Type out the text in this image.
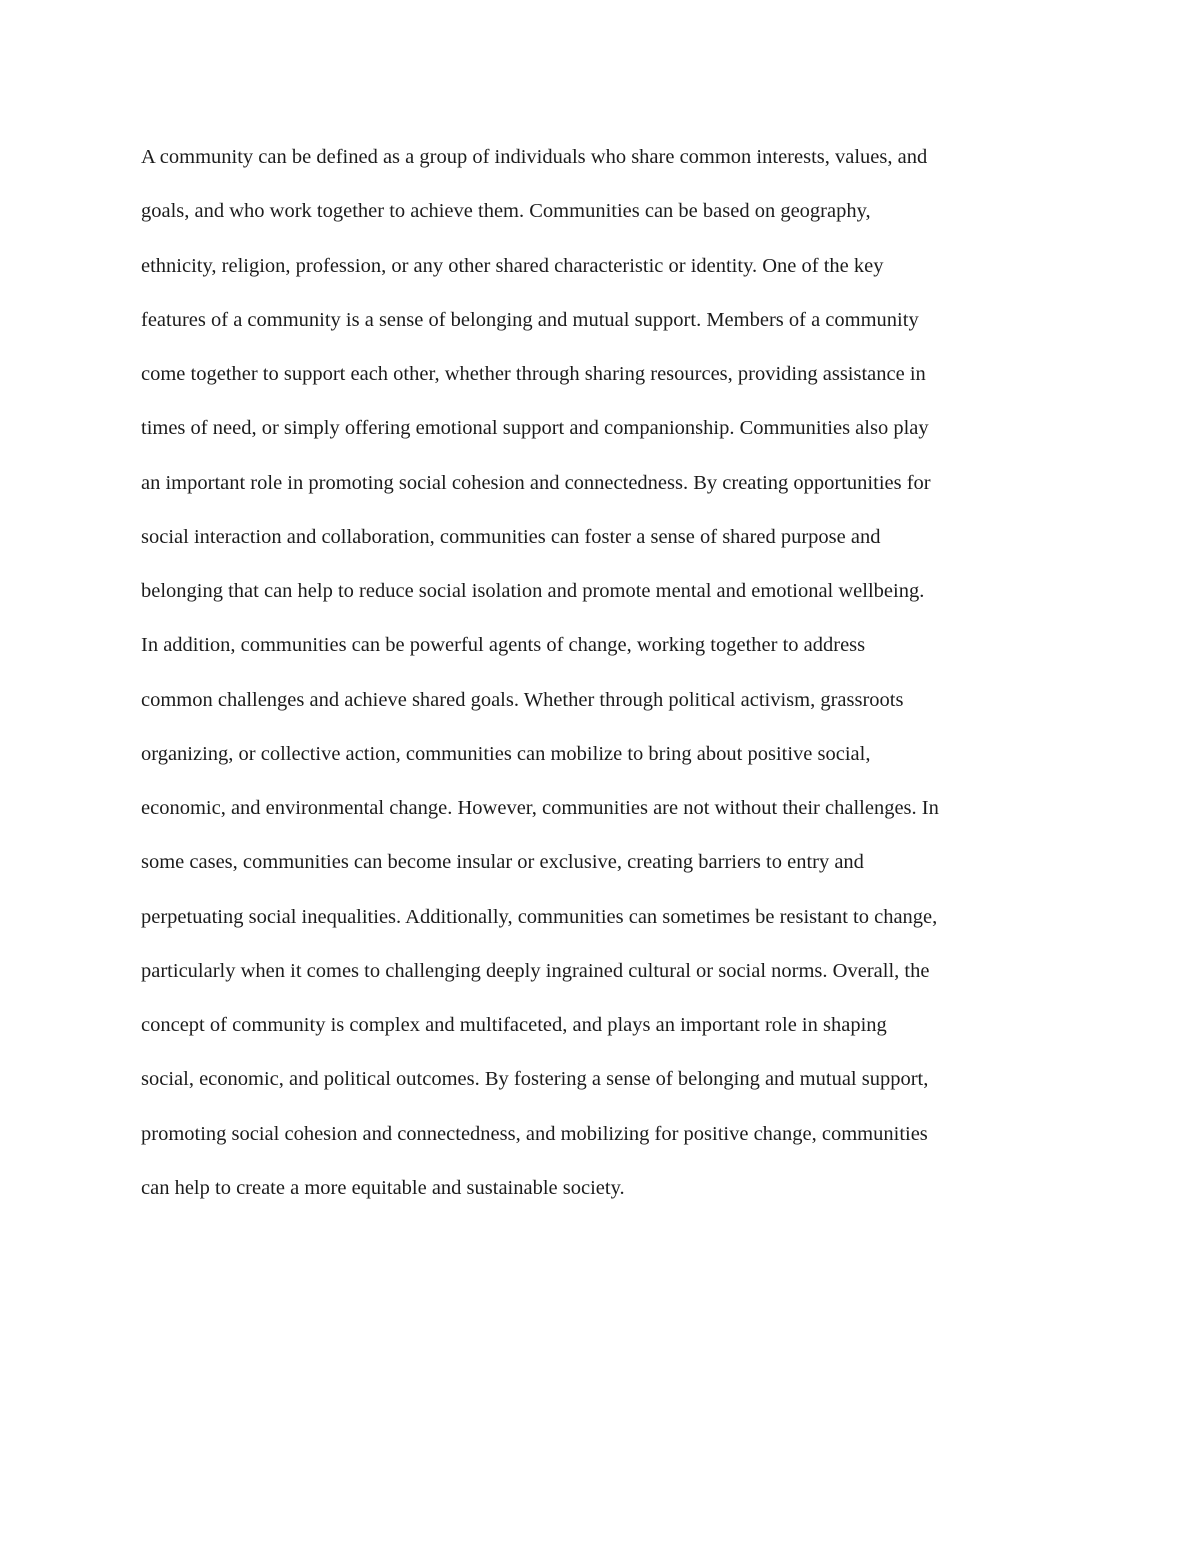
A community can be defined as a group of individuals who share common interests, values, and
goals, and who work together to achieve them. Communities can be based on geography,
ethnicity, religion, profession, or any other shared characteristic or identity. One of the key
features of a community is a sense of belonging and mutual support. Members of a community
come together to support each other, whether through sharing resources, providing assistance in
times of need, or simply offering emotional support and companionship. Communities also play
an important role in promoting social cohesion and connectedness. By creating opportunities for
social interaction and collaboration, communities can foster a sense of shared purpose and
belonging that can help to reduce social isolation and promote mental and emotional wellbeing.
In addition, communities can be powerful agents of change, working together to address
common challenges and achieve shared goals. Whether through political activism, grassroots
organizing, or collective action, communities can mobilize to bring about positive social,
economic, and environmental change. However, communities are not without their challenges. In
some cases, communities can become insular or exclusive, creating barriers to entry and
perpetuating social inequalities. Additionally, communities can sometimes be resistant to change,
particularly when it comes to challenging deeply ingrained cultural or social norms. Overall, the
concept of community is complex and multifaceted, and plays an important role in shaping
social, economic, and political outcomes. By fostering a sense of belonging and mutual support,
promoting social cohesion and connectedness, and mobilizing for positive change, communities
can help to create a more equitable and sustainable society.
